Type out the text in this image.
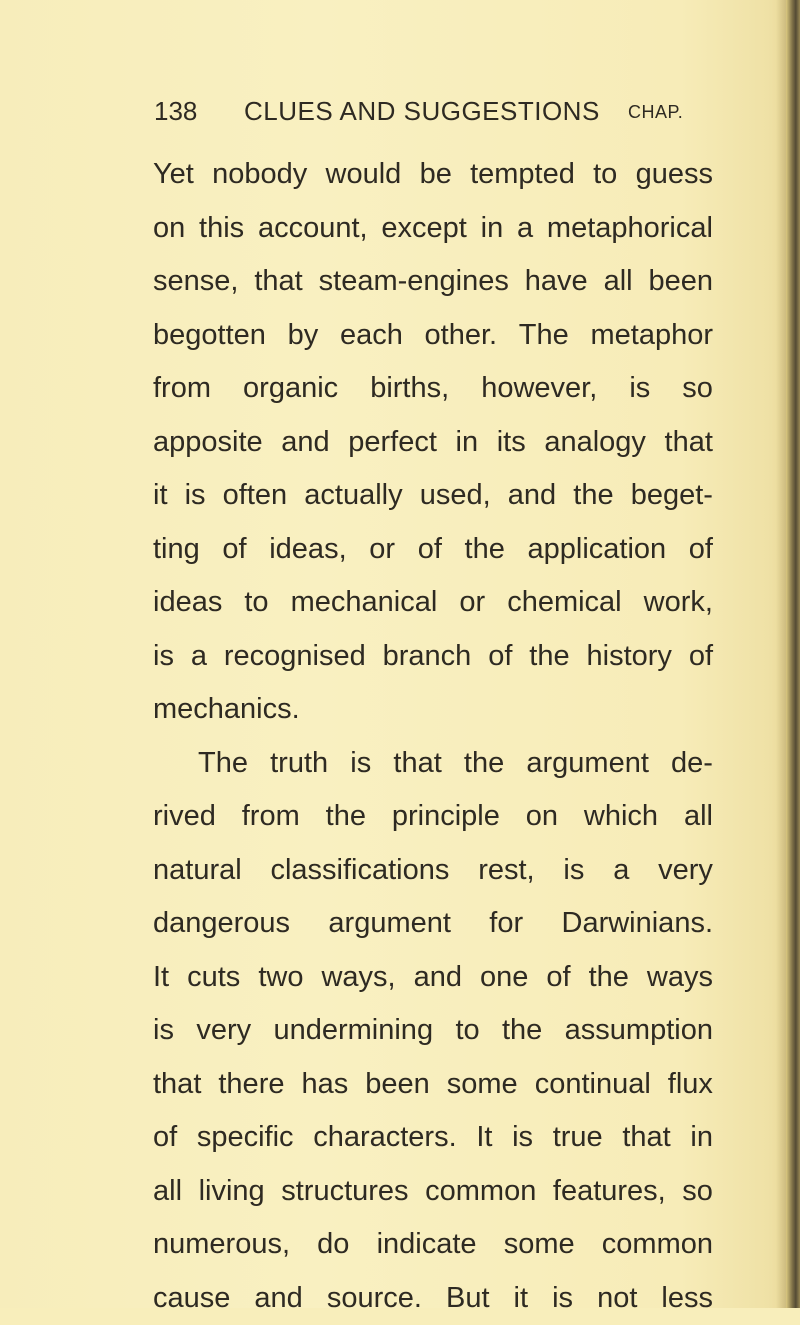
138 CLUES AND SUGGESTIONS CHAP.
Yet nobody would be tempted to guess
on this account, except in a metaphorical
sense, that steam-engines have all been
begotten by each other. The metaphor
from organic births, however, is so
apposite and perfect in its analogy that
it is often actually used, and the beget-
ting of ideas, or of the application of
ideas to mechanical or chemical work,
is a recognised branch of the history of
mechanics.
The truth is that the argument de-
rived from the principle on which all
natural classifications rest, is a very
dangerous argument for Darwinians.
It cuts two ways, and one of the ways
is very undermining to the assumption
that there has been some continual flux
of specific characters. It is true that in
all living structures common features, so
numerous, do indicate some common
cause and source. But it is not less
